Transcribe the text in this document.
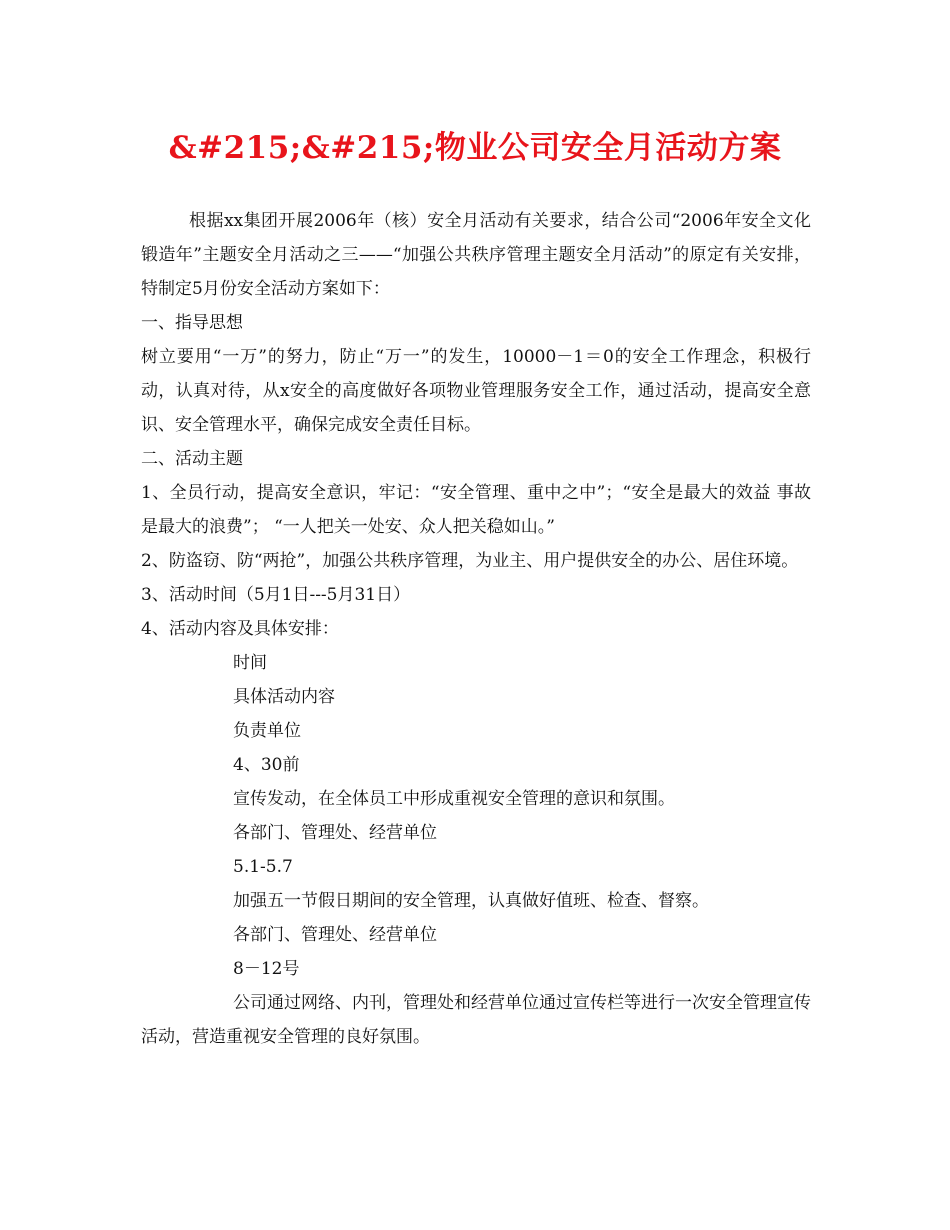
&#215;&#215;物业公司安全月活动方案

根据xx集团开展2006年（核）安全月活动有关要求，结合公司“2006年安全文化锻造年”主题安全月活动之三——“加强公共秩序管理主题安全月活动”的原定有关安排，特制定5月份安全活动方案如下：

一、指导思想

树立要用“一万”的努力，防止“万一”的发生，10000－1＝0的安全工作理念，积极行动，认真对待，从x安全的高度做好各项物业管理服务安全工作，通过活动，提高安全意识、安全管理水平，确保完成安全责任目标。

二、活动主题

1、全员行动，提高安全意识，牢记：“安全管理、重中之中”；“安全是最大的效益 事故是最大的浪费”； “一人把关一处安、众人把关稳如山。”

2、防盗窃、防“两抢”，加强公共秩序管理，为业主、用户提供安全的办公、居住环境。

3、活动时间（5月1日---5月31日）

4、活动内容及具体安排：

时间

具体活动内容

负责单位

4、30前

宣传发动，在全体员工中形成重视安全管理的意识和氛围。

各部门、管理处、经营单位

5.1-5.7

加强五一节假日期间的安全管理，认真做好值班、检查、督察。

各部门、管理处、经营单位

8－12号

公司通过网络、内刊，管理处和经营单位通过宣传栏等进行一次安全管理宣传活动，营造重视安全管理的良好氛围。
